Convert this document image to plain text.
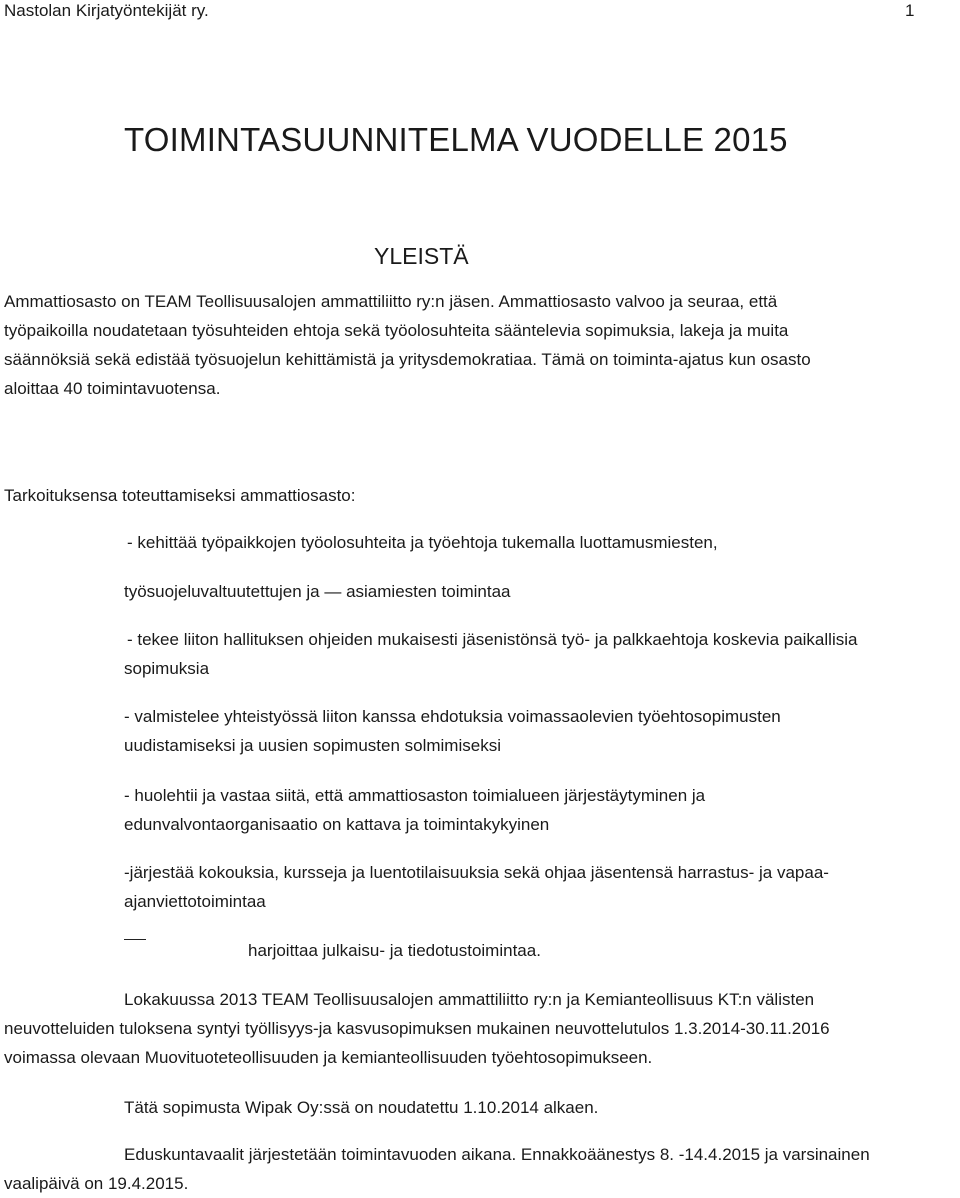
Nastolan Kirjatyöntekijät ry.	1
TOIMINTASUUNNITELMA VUODELLE 2015
YLEISTÄ
Ammattiosasto on TEAM Teollisuusalojen ammattiliitto ry:n jäsen. Ammattiosasto valvoo ja seuraa, että
työpaikoilla noudatetaan työsuhteiden ehtoja sekä työolosuhteita sääntelevia sopimuksia, lakeja ja muita
säännöksiä sekä edistää työsuojelun kehittämistä ja yritysdemokratiaa. Tämä on toiminta-ajatus kun osasto
aloittaa 40 toimintavuotensa.
Tarkoituksensa toteuttamiseksi ammattiosasto:
- kehittää työpaikkojen työolosuhteita ja työehtoja tukemalla luottamusmiesten,
työsuojeluvaltuutettujen ja — asiamiesten toimintaa
- tekee liiton hallituksen ohjeiden mukaisesti jäsenistönsä työ- ja palkkaehtoja koskevia paikallisia
sopimuksia
- valmistelee yhteistyössä liiton kanssa ehdotuksia voimassaolevien työehtosopimusten
uudistamiseksi ja uusien sopimusten solmimiseksi
- huolehtii ja vastaa siitä, että ammattiosaston toimialueen järjestäytyminen ja
edunvalvontaorganisaatio on kattava ja toimintakykyinen
-järjestää kokouksia, kursseja ja luentotilaisuuksia sekä ohjaa jäsentensä harrastus- ja vapaa-
ajanviettotoimintaa
harjoittaa julkaisu- ja tiedotustoimintaa.
Lokakuussa 2013 TEAM Teollisuusalojen ammattiliitto ry:n ja Kemianteollisuus KT:n välisten
neuvotteluiden tuloksena syntyi työllisyys-ja kasvusopimuksen mukainen neuvottelutulos 1.3.2014-30.11.2016
voimassa olevaan Muovituoteteollisuuden ja kemianteollisuuden työehtosopimukseen.
Tätä sopimusta Wipak Oy:ssä on noudatettu 1.10.2014 alkaen.
Eduskuntavaalit järjestetään toimintavuoden aikana. Ennakkoäänestys 8. -14.4.2015 ja varsinainen
vaalipäivä on 19.4.2015.
